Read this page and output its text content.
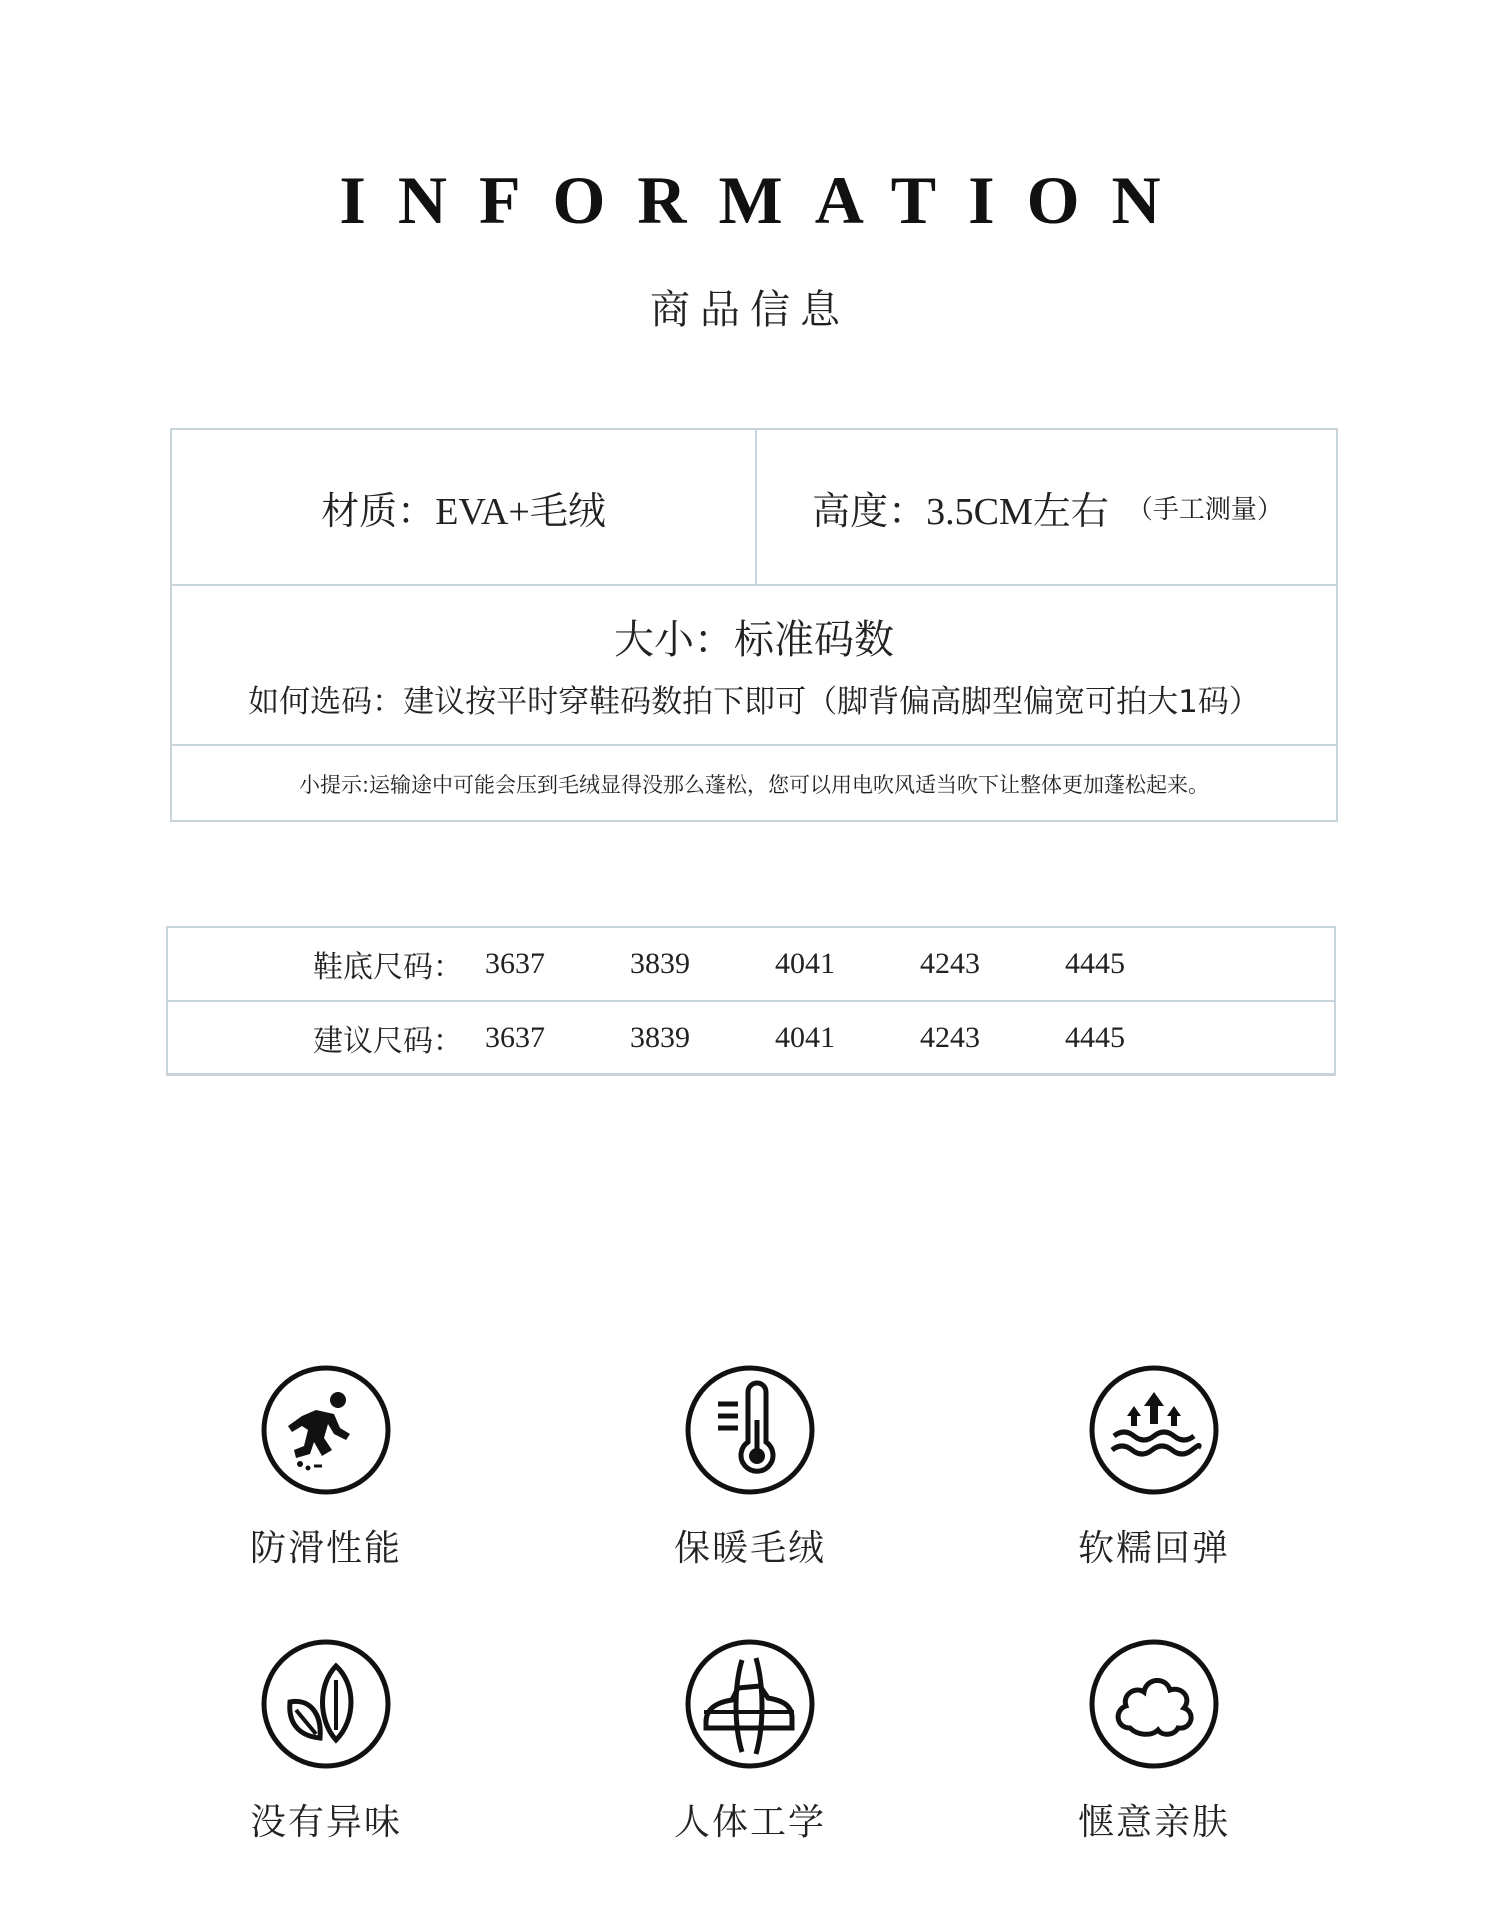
INFORMATION
商品信息
材质： EVA+毛绒	高度： 3.5CM左右 （手工测量）
大小：标准码数
如何选码：建议按平时穿鞋码数拍下即可（脚背偏高脚型偏宽可拍大1码）
小提示:运输途中可能会压到毛绒显得没那么蓬松，您可以用电吹风适当吹下让整体更加蓬松起来。
鞋底尺码： 3637	3839	4041	4243	4445
建议尺码： 3637	3839	4041	4243	4445
防滑性能	保暖毛绒	软糯回弹
没有异味	人体工学	惬意亲肤
